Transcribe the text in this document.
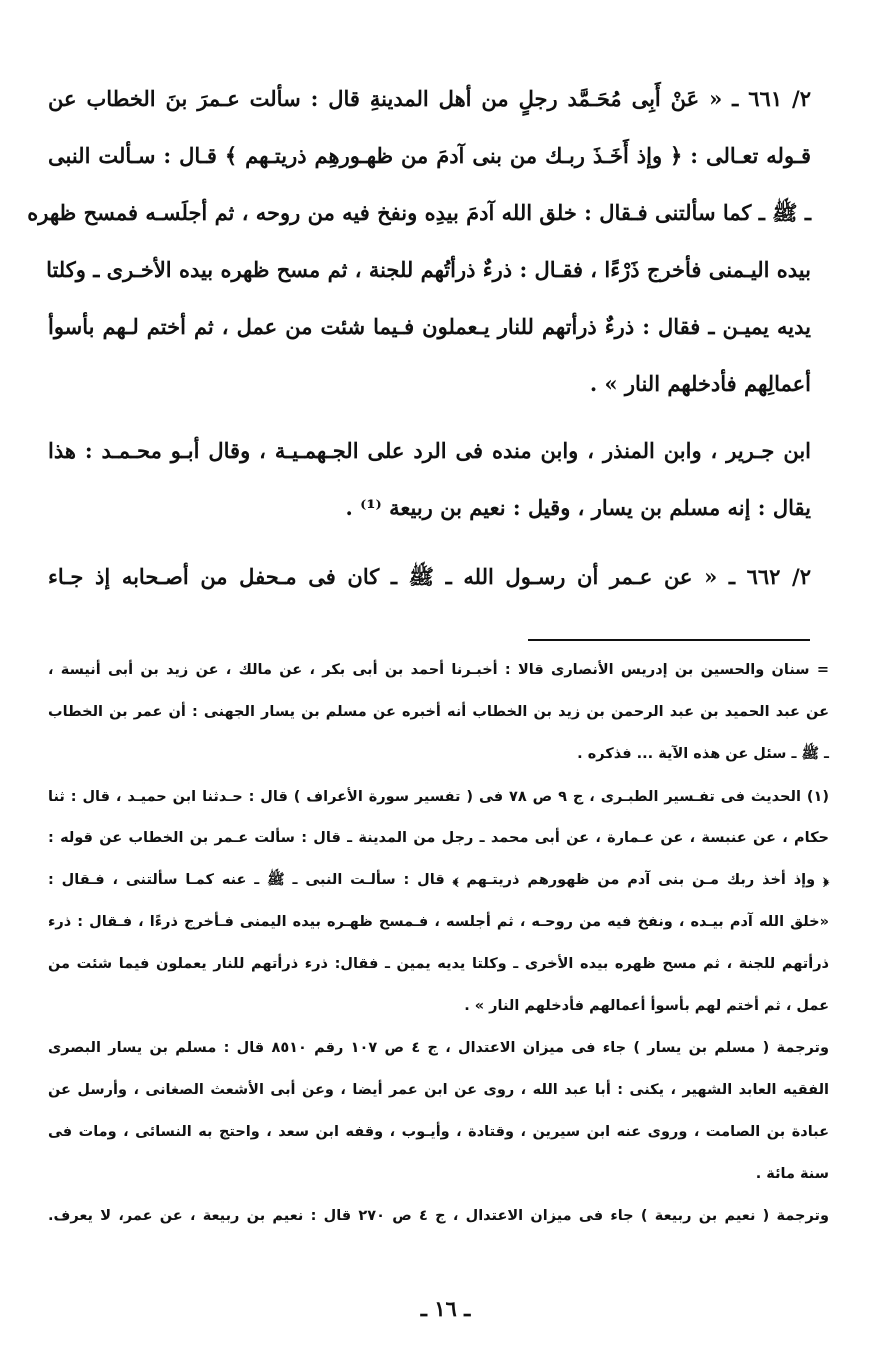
٢/ ٦٦١ ـ « عَنْ أَبِى مُحَـمَّد رجلٍ من أهل المدينةِ قال : سألت عـمرَ بنَ الخطاب عن
قـوله تعـالى : ﴿ وإذ أَخَـذَ ربـك من بنى آدمَ من ظهـورهِم ذريتـهم ﴾ قـال : سـألت النبى
ـ ﷺ ـ كما سألتنى فـقال : خلق الله آدمَ بيدِه ونفخ فيه من روحه ، ثم أجلَسـه فمسح ظهره
بيده اليـمنى فأخرج ذَرْءًا ، فقـال : ذرءٌ ذرأتُهم للجنة ، ثم مسح ظهره بيده الأخـرى ـ وكلتا
يديه يميـن ـ فقال : ذرءٌ ذرأتهم للنار يـعملون فـيما شئت من عمل ، ثم أختم لـهم بأسوأ
أعمالِهم فأدخلهم النار » .
ابن جـرير ، وابن المنذر ، وابن منده فى الرد على الجـهمـيـة ، وقال أبـو محـمـد : هذا
يقال : إنه مسلم بن يسار ، وقيل : نعيم بن ربيعة ⁽¹⁾ .
٢/ ٦٦٢ ـ « عن عـمر أن رسـول الله ـ ﷺ ـ كان فى مـحفل من أصـحابه إذ جـاء
= سنان والحسين بن إدريس الأنصارى قالا : أخبـرنا أحمد بن أبى بكر ، عن مالك ، عن زيد بن أبى أنيسة ،
عن عبد الحميد بن عبد الرحمن بن زيد بن الخطاب أنه أخبره عن مسلم بن يسار الجهنى : أن عمر بن الخطاب
ـ ﷺ ـ سئل عن هذه الآية ... فذكره .
(١) الحديث فى تفـسير الطبـرى ، ج ٩ ص ٧٨ فى ( تفسير سورة الأعراف ) قال : حـدثنا ابن حميـد ، قال : ثنا
حكام ، عن عنبسة ، عن عـمارة ، عن أبى محمد ـ رجل من المدينة ـ قال : سألت عـمر بن الخطاب عن قوله :
﴿ وإذ أخذ ربك مـن بنى آدم من ظهورهم ذريتـهم ﴾ قال : سألـت النبى ـ ﷺ ـ عنه كمـا سألتنى ، فـقال :
«خلق الله آدم بيـده ، ونفخ فيه من روحـه ، ثم أجلسه ، فـمسح ظهـره بيده اليمنى فـأخرج ذرءًا ، فـقال : ذرء
ذرأتهم للجنة ، ثم مسح ظهره بيده الأخرى ـ وكلتا يديه يمين ـ فقال: ذرء ذرأتهم للنار يعملون فيما شئت من
عمل ، ثم أختم لهم بأسوأ أعمالهم فأدخلهم النار » .
وترجمة ( مسلم بن يسار ) جاء فى ميزان الاعتدال ، ج ٤ ص ١٠٧ رقم ٨٥١٠ قال : مسلم بن يسار البصرى
الفقيه العابد الشهير ، يكنى : أبا عبد الله ، روى عن ابن عمر أيضا ، وعن أبى الأشعث الصغانى ، وأرسل عن
عبادة بن الصامت ، وروى عنه ابن سيرين ، وقتادة ، وأيـوب ، وقفه ابن سعد ، واحتج به النسائى ، ومات فى
سنة مائة .
وترجمة ( نعيم بن ربيعة ) جاء فى ميزان الاعتدال ، ج ٤ ص ٢٧٠ قال : نعيم بن ربيعة ، عن عمر، لا يعرف.
ـ ١٦ ـ
